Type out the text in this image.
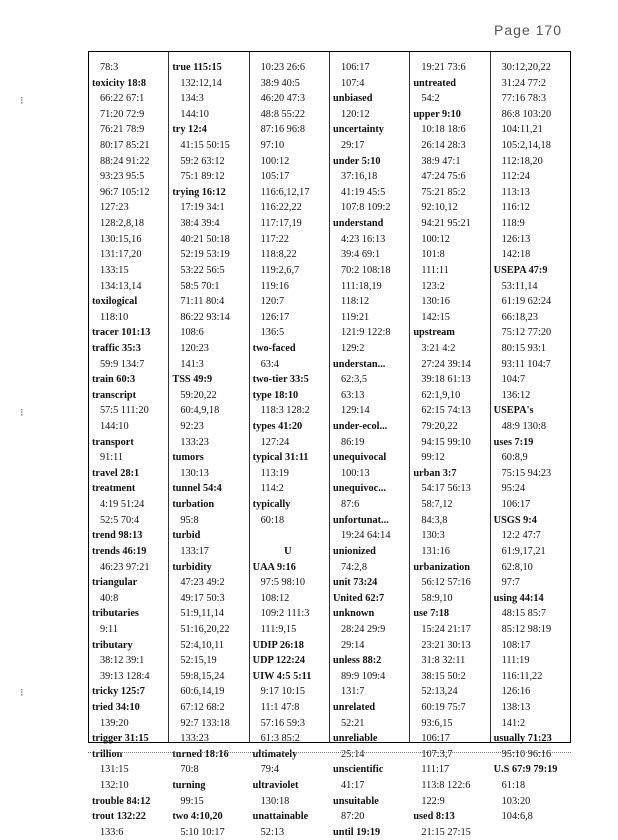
Page 170
⁝
⁝
⁝
78:3
toxicity 18:8
66:22 67:1
71:20 72:9
76:21 78:9
80:17 85:21
88:24 91:22
93:23 95:5
96:7 105:12
127:23
128:2,8,18
130:15,16
131:17,20
133:15
134:13,14
toxilogical
118:10
tracer 101:13
traffic 35:3
59:9 134:7
train 60:3
transcript
57:5 111:20
144:10
transport
91:11
travel 28:1
treatment
4:19 51:24
52:5 70:4
trend 98:13
trends 46:19
46:23 97:21
triangular
40:8
tributaries
9:11
tributary
38:12 39:1
39:13 128:4
tricky 125:7
tried 34:10
139:20
trigger 31:15
trillion
131:15
132:10
trouble 84:12
trout 132:22
133:6
true 115:15
132:12,14
134:3
144:10
try 12:4
41:15 50:15
59:2 63:12
75:1 89:12
trying 16:12
17:19 34:1
38:4 39:4
40:21 50:18
52:19 53:19
53:22 56:5
58:5 70:1
71:11 80:4
86:22 93:14
108:6
120:23
141:3
TSS 49:9
59:20,22
60:4,9,18
92:23
133:23
tumors
130:13
tunnel 54:4
turbation
95:8
turbid
133:17
turbidity
47:23 49:2
49:17 50:3
51:9,11,14
51:16,20,22
52:4,10,11
52:15,19
59:8,15,24
60:6,14,19
67:12 68:2
92:7 133:18
133:23
turned 18:16
70:8
turning
99:15
two 4:10,20
5:10 10:17
10:23 26:6
38:9 40:5
46:20 47:3
48:8 55:22
87:16 96:8
97:10
100:12
105:17
116:6,12,17
116:22,22
117:17,19
117:22
118:8,22
119:2,6,7
119:16
120:7
126:17
136:5
two-faced
63:4
two-tier 33:5
type 18:10
118:3 128:2
types 41:20
127:24
typical 31:11
113:19
114:2
typically
60:18
U
UAA 9:16
97:5 98:10
108:12
109:2 111:3
111:9,15
UDIP 26:18
UDP 122:24
UIW 4:5 5:11
9:17 10:15
11:1 47:8
57:16 59:3
61:3 85:2
ultimately
79:4
ultraviolet
130:18
unattainable
52:13
106:17
107:4
unbiased
120:12
uncertainty
29:17
under 5:10
37:16,18
41:19 45:5
107:8 109:2
understand
4:23 16:13
39:4 69:1
70:2 108:18
111:18,19
118:12
119:21
121:9 122:8
129:2
understan...
62:3,5
63:13
129:14
under-ecol...
86:19
unequivocal
100:13
unequivoc...
87:6
unfortunat...
19:24 64:14
unionized
74:2,8
unit 73:24
United 62:7
unknown
28:24 29:9
29:14
unless 88:2
89:9 109:4
131:7
unrelated
52:21
unreliable
25:14
unscientific
41:17
unsuitable
87:20
until 19:19
19:21 73:6
untreated
54:2
upper 9:10
10:18 18:6
26:14 28:3
38:9 47:1
47:24 75:6
75:21 85:2
92:10,12
94:21 95:21
100:12
101:8
111:11
123:2
130:16
142:15
upstream
3:21 4:2
27:24 39:14
39:18 61:13
62:1,9,10
62:15 74:13
79:20,22
94:15 99:10
99:12
urban 3:7
54:17 56:13
58:7,12
84:3,8
130:3
131:16
urbanization
56:12 57:16
58:9,10
use 7:18
15:24 21:17
23:21 30:13
31:8 32:11
38:15 50:2
52:13,24
60:19 75:7
93:6,15
106:17
107:3,7
111:17
113:8 122:6
122:9
used 8:13
21:15 27:15
30:12,20,22
31:24 77:2
77:16 78:3
86:8 103:20
104:11,21
105:2,14,18
112:18,20
112:24
113:13
116:12
118:9
126:13
142:18
USEPA 47:9
53:11,14
61:19 62:24
66:18,23
75:12 77:20
80:15 93:1
93:11 104:7
104:7
136:12
USEPA's
48:9 130:8
uses 7:19
60:8,9
75:15 94:23
95:24
106:17
USGS 9:4
12:2 47:7
61:9,17,21
62:8,10
97:7
using 44:14
48:15 85:7
85:12 98:19
108:17
111:19
116:11,22
126:16
138:13
141:2
usually 71:23
95:10 96:16
U.S 67:9 79:19
61:18
103:20
104:6,8
